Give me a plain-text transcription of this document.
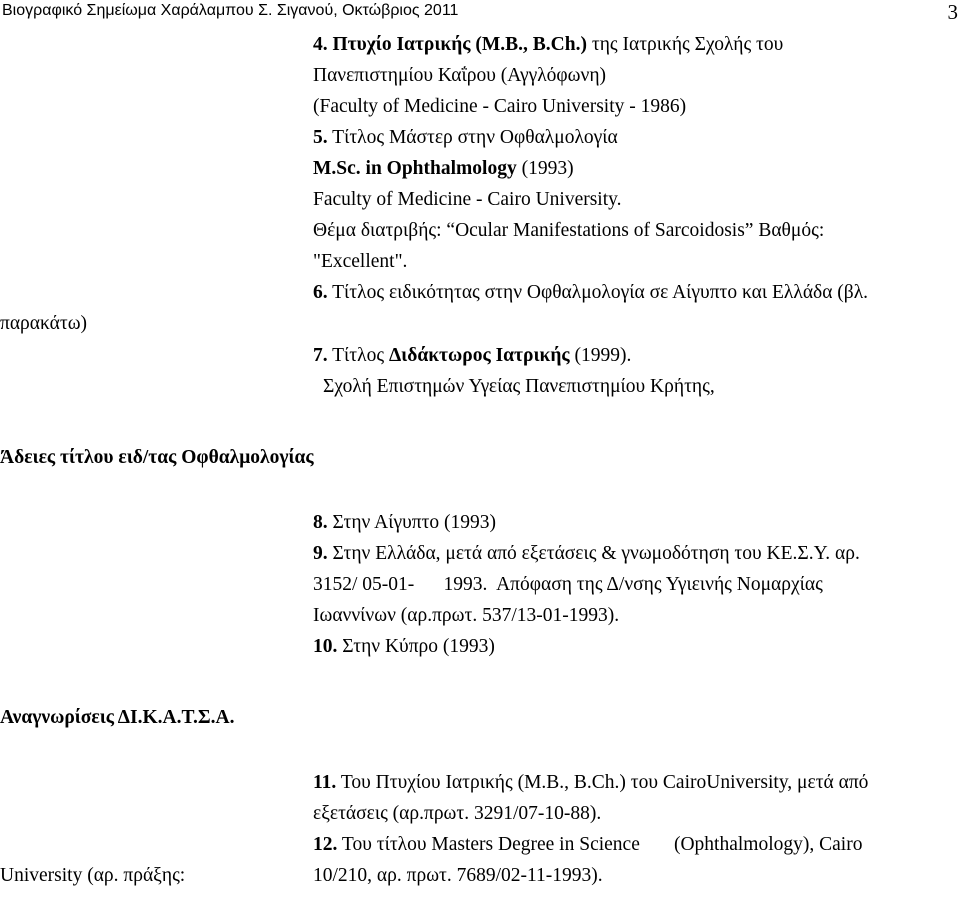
Βιογραφικό Σημείωμα Χαράλαμπου Σ. Σιγανού, Οκτώβριος 2011	3
4. Πτυχίο Ιατρικής (M.B., B.Ch.) της Ιατρικής Σχολής του
Πανεπιστημίου Καΐρου (Αγγλόφωνη)
(Faculty of Medicine - Cairo University - 1986)
5. Τίτλος Μάστερ στην Οφθαλμολογία
M.Sc. in Ophthalmology (1993)
Faculty of Medicine - Cairo University.
Θέμα διατριβής: “Ocular Manifestations of Sarcoidosis” Βαθμός:
"Excellent".
6. Τίτλος ειδικότητας στην Οφθαλμολογία σε Αίγυπτο και Ελλάδα (βλ.
παρακάτω)
7. Τίτλος Διδάκτωρος Ιατρικής (1999).
Σχολή Επιστημών Υγείας Πανεπιστημίου Κρήτης,
Άδειες τίτλου ειδ/τας Οφθαλμολογίας
8. Στην Αίγυπτο (1993)
9. Στην Ελλάδα, μετά από εξετάσεις & γνωμοδότηση του ΚΕ.Σ.Υ. αρ.
3152/ 05-01-      1993.  Απόφαση της Δ/νσης Υγιεινής Νομαρχίας
Ιωαννίνων (αρ.πρωτ. 537/13-01-1993).
10. Στην Κύπρο (1993)
Αναγνωρίσεις ΔΙ.Κ.Α.Τ.Σ.Α.
11. Του Πτυχίου Ιατρικής (M.B., B.Ch.) του CairoUniversity, μετά από
εξετάσεις (αρ.πρωτ. 3291/07-10-88).
12. Του τίτλου Masters Degree in Science       (Ophthalmology), Cairo
University (αρ. πράξης:	10/210, αρ. πρωτ. 7689/02-11-1993).
